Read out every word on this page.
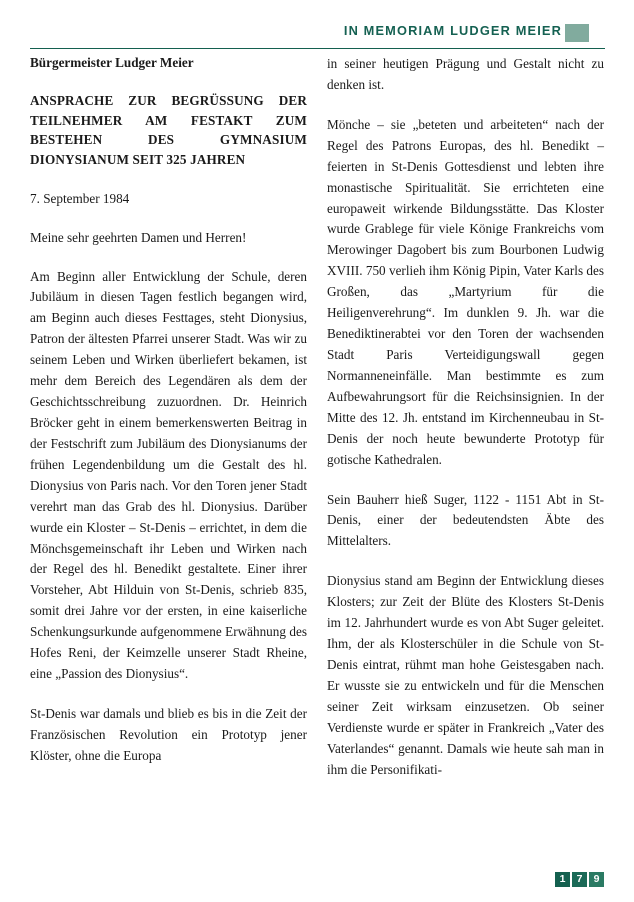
IN MEMORIAM LUDGER MEIER
Bürgermeister Ludger Meier
ANSPRACHE ZUR BEGRÜSSUNG DER TEILNEHMER AM FESTAKT ZUM BESTEHEN DES GYMNASIUM DIONYSIANUM SEIT 325 JAHREN
7. September 1984
Meine sehr geehrten Damen und Herren!

Am Beginn aller Entwicklung der Schule, deren Jubiläum in diesen Tagen festlich begangen wird, am Beginn auch dieses Festtages, steht Dionysius, Patron der ältesten Pfarrei unserer Stadt. Was wir zu seinem Leben und Wirken überliefert bekamen, ist mehr dem Bereich des Legendären als dem der Geschichtsschreibung zuzuordnen. Dr. Heinrich Bröcker geht in einem bemerkenswerten Beitrag in der Festschrift zum Jubiläum des Dionysianums der frühen Legendenbildung um die Gestalt des hl. Dionysius von Paris nach. Vor den Toren jener Stadt verehrt man das Grab des hl. Dionysius. Darüber wurde ein Kloster – St-Denis – errichtet, in dem die Mönchsgemeinschaft ihr Leben und Wirken nach der Regel des hl. Benedikt gestaltete. Einer ihrer Vorsteher, Abt Hilduin von St-Denis, schrieb 835, somit drei Jahre vor der ersten, in eine kaiserliche Schenkungsurkunde aufgenommene Erwähnung des Hofes Reni, der Keimzelle unserer Stadt Rheine, eine „Passion des Dionysius“.

St-Denis war damals und blieb es bis in die Zeit der Französischen Revolution ein Prototyp jener Klöster, ohne die Europa

in seiner heutigen Prägung und Gestalt nicht zu denken ist.

Mönche – sie „beteten und arbeiteten“ nach der Regel des Patrons Europas, des hl. Benedikt – feierten in St-Denis Gottesdienst und lebten ihre monastische Spiritualität. Sie errichteten eine europaweit wirkende Bildungsstätte. Das Kloster wurde Grablege für viele Könige Frankreichs vom Merowinger Dagobert bis zum Bourbonen Ludwig XVIII. 750 verlieh ihm König Pipin, Vater Karls des Großen, das „Martyrium für die Heiligenverehrung“. Im dunklen 9. Jh. war die Benediktinerabtei vor den Toren der wachsenden Stadt Paris Verteidigungswall gegen Normanneneinfälle. Man bestimmte es zum Aufbewahrungsort für die Reichsinsignien. In der Mitte des 12. Jh. entstand im Kirchenneubau in St-Denis der noch heute bewunderte Prototyp für gotische Kathedralen.

Sein Bauherr hieß Suger, 1122 - 1151 Abt in St-Denis, einer der bedeutendsten Äbte des Mittelalters.

Dionysius stand am Beginn der Entwicklung dieses Klosters; zur Zeit der Blüte des Klosters St-Denis im 12. Jahrhundert wurde es von Abt Suger geleitet. Ihm, der als Klosterschüler in die Schule von St-Denis eintrat, rühmt man hohe Geistesgaben nach. Er wusste sie zu entwickeln und für die Menschen seiner Zeit wirksam einzusetzen. Ob seiner Verdienste wurde er später in Frankreich „Vater des Vaterlandes“ genannt. Damals wie heute sah man in ihm die Personifikati-

1	7	9
